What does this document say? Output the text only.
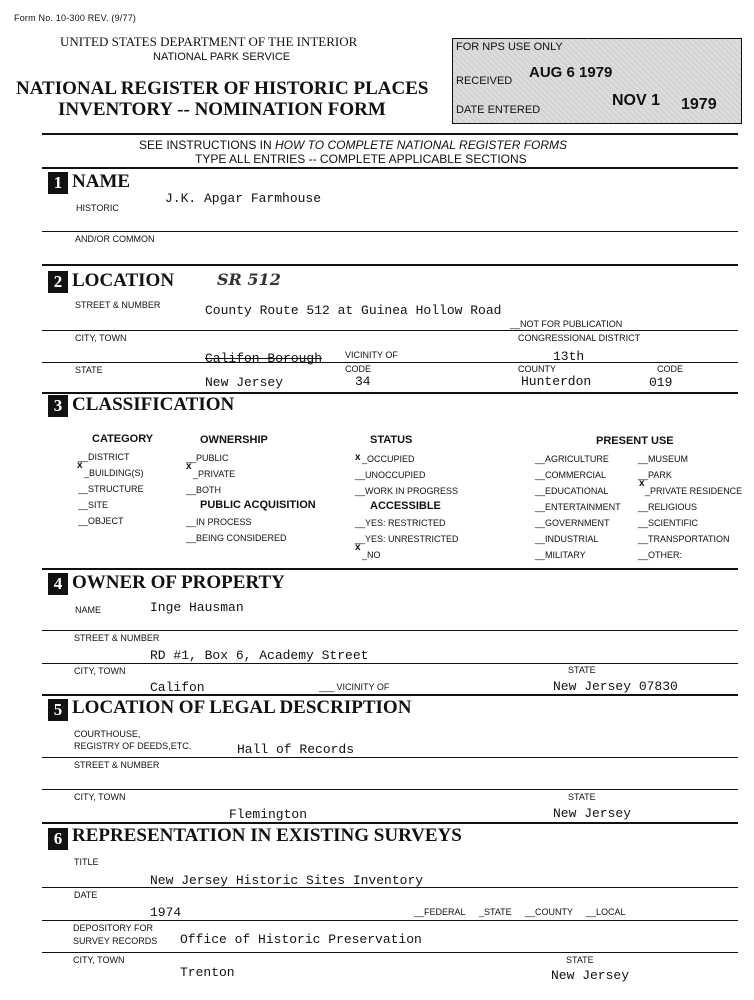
Form No. 10-300 REV. (9/77)
UNITED STATES DEPARTMENT OF THE INTERIOR
NATIONAL PARK SERVICE
NATIONAL REGISTER OF HISTORIC PLACES
INVENTORY -- NOMINATION FORM
FOR NPS USE ONLY
RECEIVED AUG 6 1979
DATE ENTERED
NOV 1 1979
SEE INSTRUCTIONS IN HOW TO COMPLETE NATIONAL REGISTER FORMS
TYPE ALL ENTRIES -- COMPLETE APPLICABLE SECTIONS
1 NAME
HISTORIC
J.K. Apgar Farmhouse
AND/OR COMMON
2 LOCATION	SR 512
STREET & NUMBER	County Route 512 at Guinea Hollow Road
__NOT FOR PUBLICATION
CITY, TOWN	CONGRESSIONAL DISTRICT
Califon Borough	VICINITY OF	13th
STATE	CODE	COUNTY	CODE
New Jersey	34	Hunterdon	019
3 CLASSIFICATION
CATEGORY
__DISTRICT
_BUILDING(S)
x
__STRUCTURE
__SITE
__OBJECT
OWNERSHIP
__PUBLIC
_PRIVATE
x
__BOTH
PUBLIC ACQUISITION
__IN PROCESS
__BEING CONSIDERED
STATUS
x _OCCUPIED
__UNOCCUPIED
__WORK IN PROGRESS
ACCESSIBLE
__YES: RESTRICTED
__YES: UNRESTRICTED
x
_NO
PRESENT USE
__AGRICULTURE
__COMMERCIAL
__EDUCATIONAL
__ENTERTAINMENT
__GOVERNMENT
__INDUSTRIAL
__MILITARY
__MUSEUM
__PARK
x
_PRIVATE RESIDENCE
__RELIGIOUS
__SCIENTIFIC
__TRANSPORTATION
__OTHER:
4 OWNER OF PROPERTY
NAME	Inge Hausman
STREET & NUMBER
RD #1, Box 6, Academy Street
CITY, TOWN	STATE
Califon	___ VICINITY OF	New Jersey 07830
5 LOCATION OF LEGAL DESCRIPTION
COURTHOUSE,
REGISTRY OF DEEDS,ETC.	Hall of Records
STREET & NUMBER
CITY, TOWN	STATE
Flemington	New Jersey
6 REPRESENTATION IN EXISTING SURVEYS
TITLE
New Jersey Historic Sites Inventory
DATE
1974	__FEDERAL _STATE __COUNTY __LOCAL
DEPOSITORY FOR
SURVEY RECORDS Office of Historic Preservation
CITY, TOWN	STATE
Trenton	New Jersey
